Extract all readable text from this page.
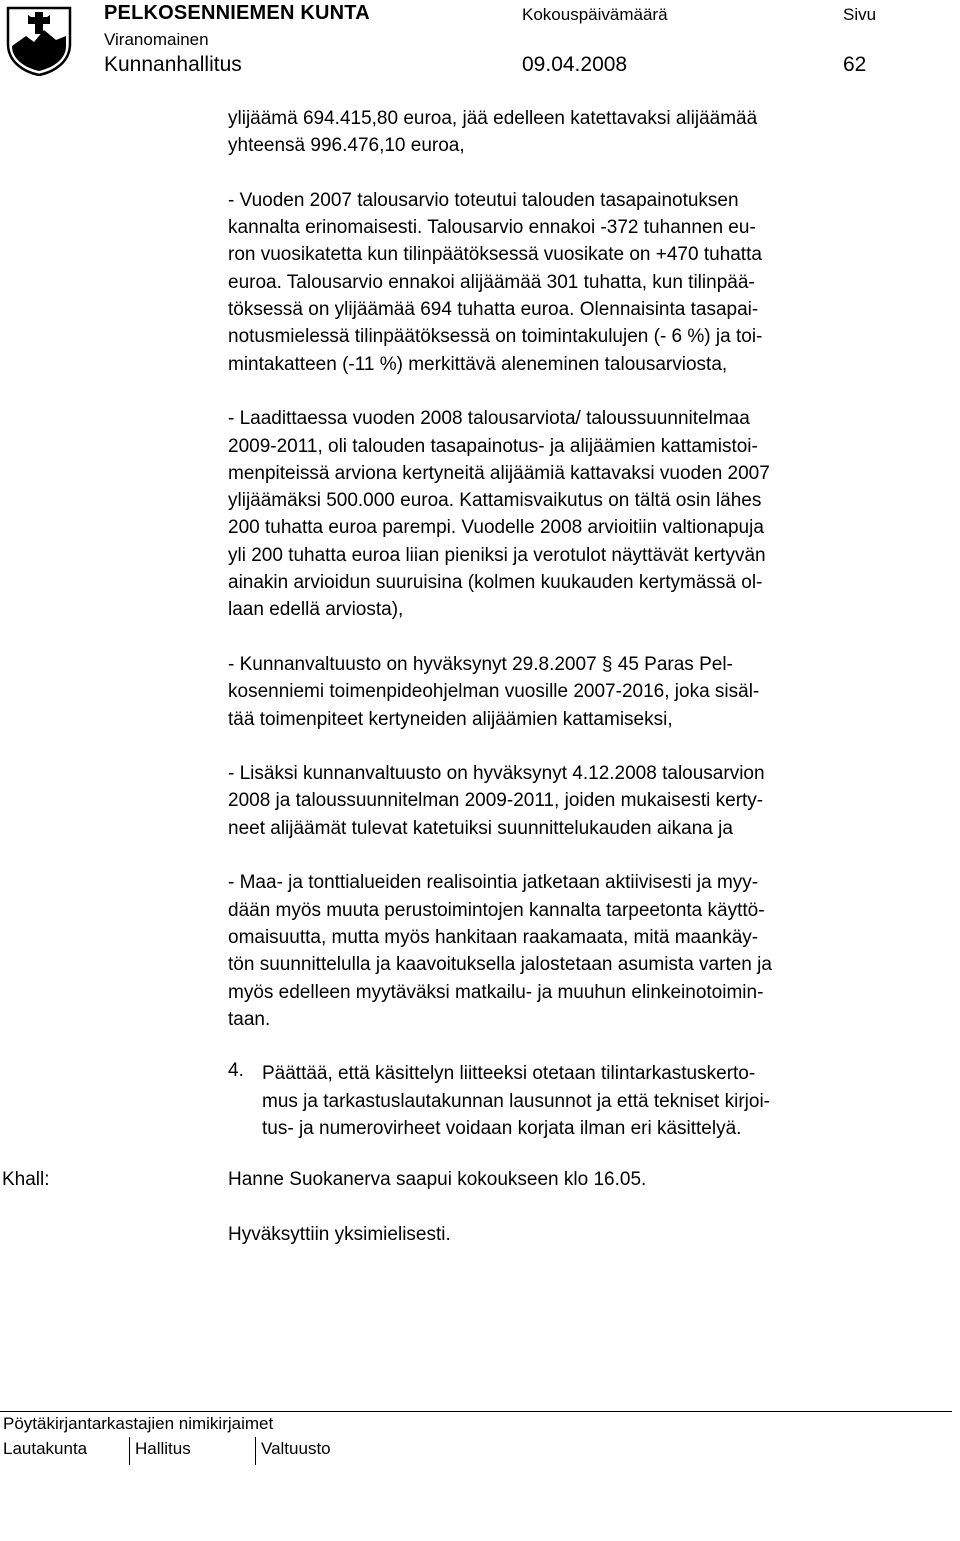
PELKOSENNIEMEN KUNTA
Viranomainen
Kunnanhallitus
Kokouspäivämäärä
09.04.2008
Sivu
62
ylijäämä 694.415,80 euroa, jää edelleen katettavaksi alijäämää
yhteensä 996.476,10 euroa,
- Vuoden 2007 talousarvio toteutui talouden tasapainotuksen
kannalta erinomaisesti. Talousarvio ennakoi -372 tuhannen eu-
ron vuosikatetta kun tilinpäätöksessä vuosikate on +470 tuhatta
euroa. Talousarvio ennakoi alijäämää 301 tuhatta, kun tilinpää-
töksessä on ylijäämää 694 tuhatta euroa. Olennaisinta tasapai-
notusmielessä tilinpäätöksessä on toimintakulujen (- 6 %) ja toi-
mintakatteen (-11 %) merkittävä aleneminen talousarviosta,
- Laadittaessa vuoden 2008 talousarviota/ taloussuunnitelmaa
2009-2011, oli talouden tasapainotus- ja alijäämien kattamistoi-
menpiteissä arviona kertyneitä alijäämiä kattavaksi vuoden 2007
ylijäämäksi 500.000 euroa. Kattamisvaikutus on tältä osin lähes
200 tuhatta euroa parempi. Vuodelle 2008 arvioitiin valtionapuja
yli 200 tuhatta euroa liian pieniksi ja verotulot näyttävät kertyvän
ainakin arvioidun suuruisina (kolmen kuukauden kertymässä ol-
laan edellä arviosta),
- Kunnanvaltuusto on hyväksynyt 29.8.2007 § 45 Paras Pel-
kosenniemi toimenpideohjelman vuosille 2007-2016, joka sisäl-
tää toimenpiteet kertyneiden alijäämien kattamiseksi,
- Lisäksi kunnanvaltuusto on hyväksynyt 4.12.2008 talousarvion
2008 ja taloussuunnitelman 2009-2011, joiden mukaisesti kerty-
neet alijäämät tulevat katetuiksi suunnittelukauden aikana ja
- Maa- ja tonttialueiden realisointia jatketaan aktiivisesti ja myy-
dään myös muuta perustoimintojen kannalta tarpeetonta käyttö-
omaisuutta, mutta myös hankitaan raakamaata, mitä maankäy-
tön suunnittelulla ja kaavoituksella jalostetaan asumista varten ja
myös edelleen myytäväksi matkailu- ja muuhun elinkeinotoimin-
taan.
4. Päättää, että käsittelyn liitteeksi otetaan tilintarkastuskerto-
mus ja tarkastuslautakunnan lausunnot ja että tekniset kirjoi-
tus- ja numerovirheet voidaan korjata ilman eri käsittelyä.
Khall:	Hanne Suokanerva saapui kokoukseen klo 16.05.
Hyväksyttiin yksimielisesti.
Pöytäkirjantarkastajien nimikirjaimet
Lautakunta	Hallitus	Valtuusto
